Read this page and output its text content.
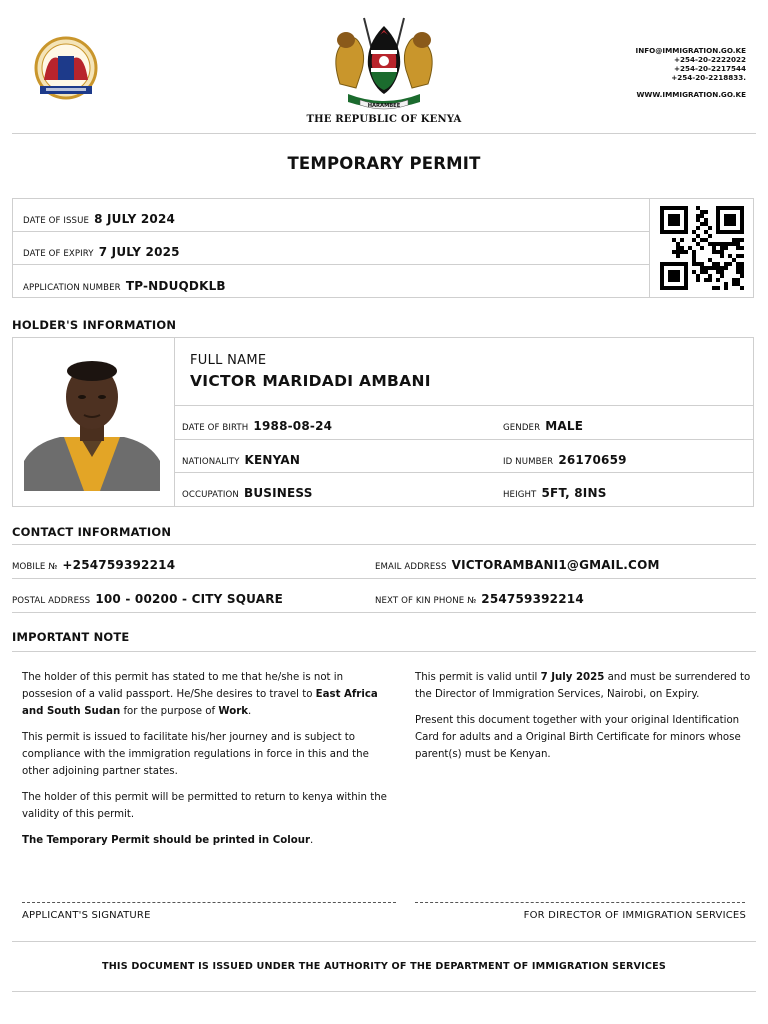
HARAMBEE
THE REPUBLIC OF KENYA
INFO@IMMIGRATION.GO.KE
+254-20-2222022
+254-20-2217544
+254-20-2218833.
WWW.IMMIGRATION.GO.KE
TEMPORARY PERMIT
DATE OF ISSUE 8 JULY 2024
DATE OF EXPIRY 7 JULY 2025
APPLICATION NUMBER TP-NDUQDKLB
HOLDER'S INFORMATION
FULL NAME
VICTOR MARIDADI AMBANI
DATE OF BIRTH 1988-08-24	GENDER MALE
NATIONALITY KENYAN	ID NUMBER 26170659
OCCUPATION BUSINESS	HEIGHT 5FT, 8INS
CONTACT INFORMATION
MOBILE № +254759392214	EMAIL ADDRESS VICTORAMBANI1@GMAIL.COM
POSTAL ADDRESS 100 - 00200 - CITY SQUARE	NEXT OF KIN PHONE № 254759392214
IMPORTANT NOTE

The holder of this permit has stated to me that he/she is not in possesion of a valid passport. He/She desires to travel to East Africa and South Sudan for the purpose of Work.

This permit is issued to facilitate his/her journey and is subject to compliance with the immigration regulations in force in this and the other adjoining partner states.

The holder of this permit will be permitted to return to kenya within the validity of this permit.

The Temporary Permit should be printed in Colour.

This permit is valid until 7 July 2025 and must be surrendered to the Director of Immigration Services, Nairobi, on Expiry.

Present this document together with your original Identification Card for adults and a Original Birth Certificate for minors whose parent(s) must be Kenyan.

APPLICANT'S SIGNATURE	FOR DIRECTOR OF IMMIGRATION SERVICES
THIS DOCUMENT IS ISSUED UNDER THE AUTHORITY OF THE DEPARTMENT OF IMMIGRATION SERVICES
